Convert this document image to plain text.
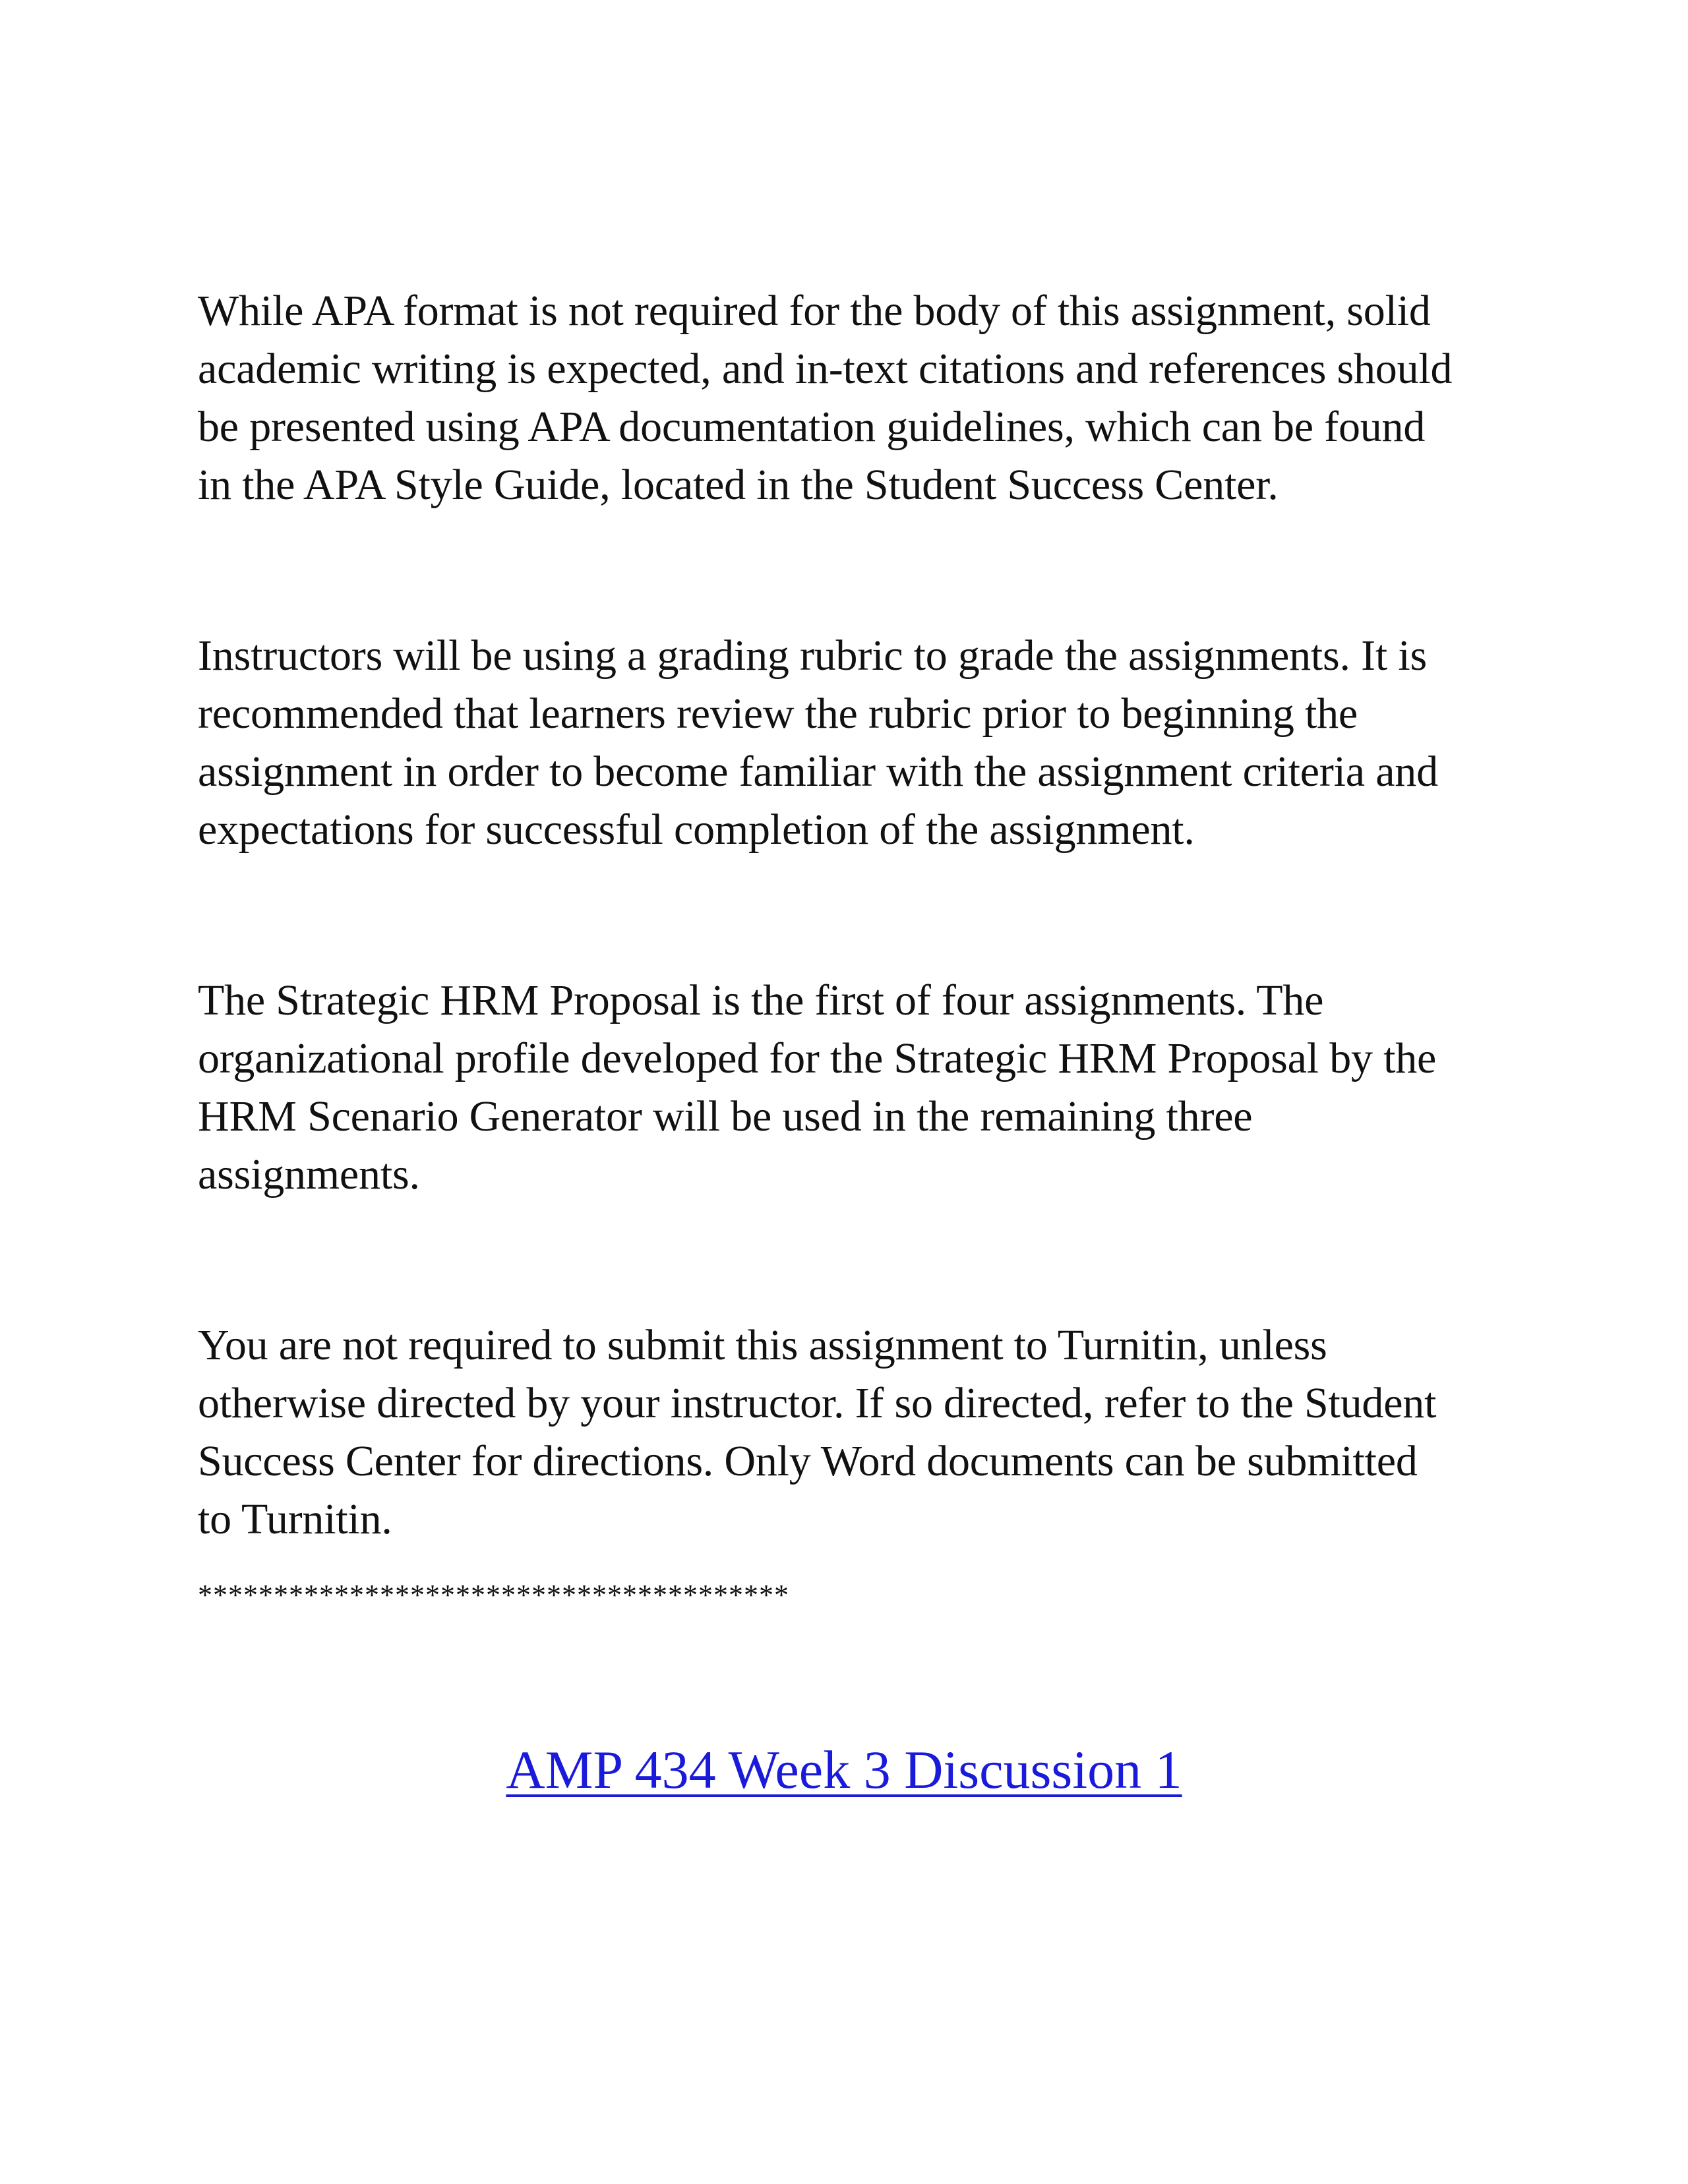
While APA format is not required for the body of this assignment, solid
academic writing is expected, and in-text citations and references should
be presented using APA documentation guidelines, which can be found
in the APA Style Guide, located in the Student Success Center.

Instructors will be using a grading rubric to grade the assignments. It is
recommended that learners review the rubric prior to beginning the
assignment in order to become familiar with the assignment criteria and
expectations for successful completion of the assignment.

The Strategic HRM Proposal is the first of four assignments. The
organizational profile developed for the Strategic HRM Proposal by the
HRM Scenario Generator will be used in the remaining three
assignments.

You are not required to submit this assignment to Turnitin, unless
otherwise directed by your instructor. If so directed, refer to the Student
Success Center for directions. Only Word documents can be submitted
to Turnitin.

***************************************
AMP 434 Week 3 Discussion 1
